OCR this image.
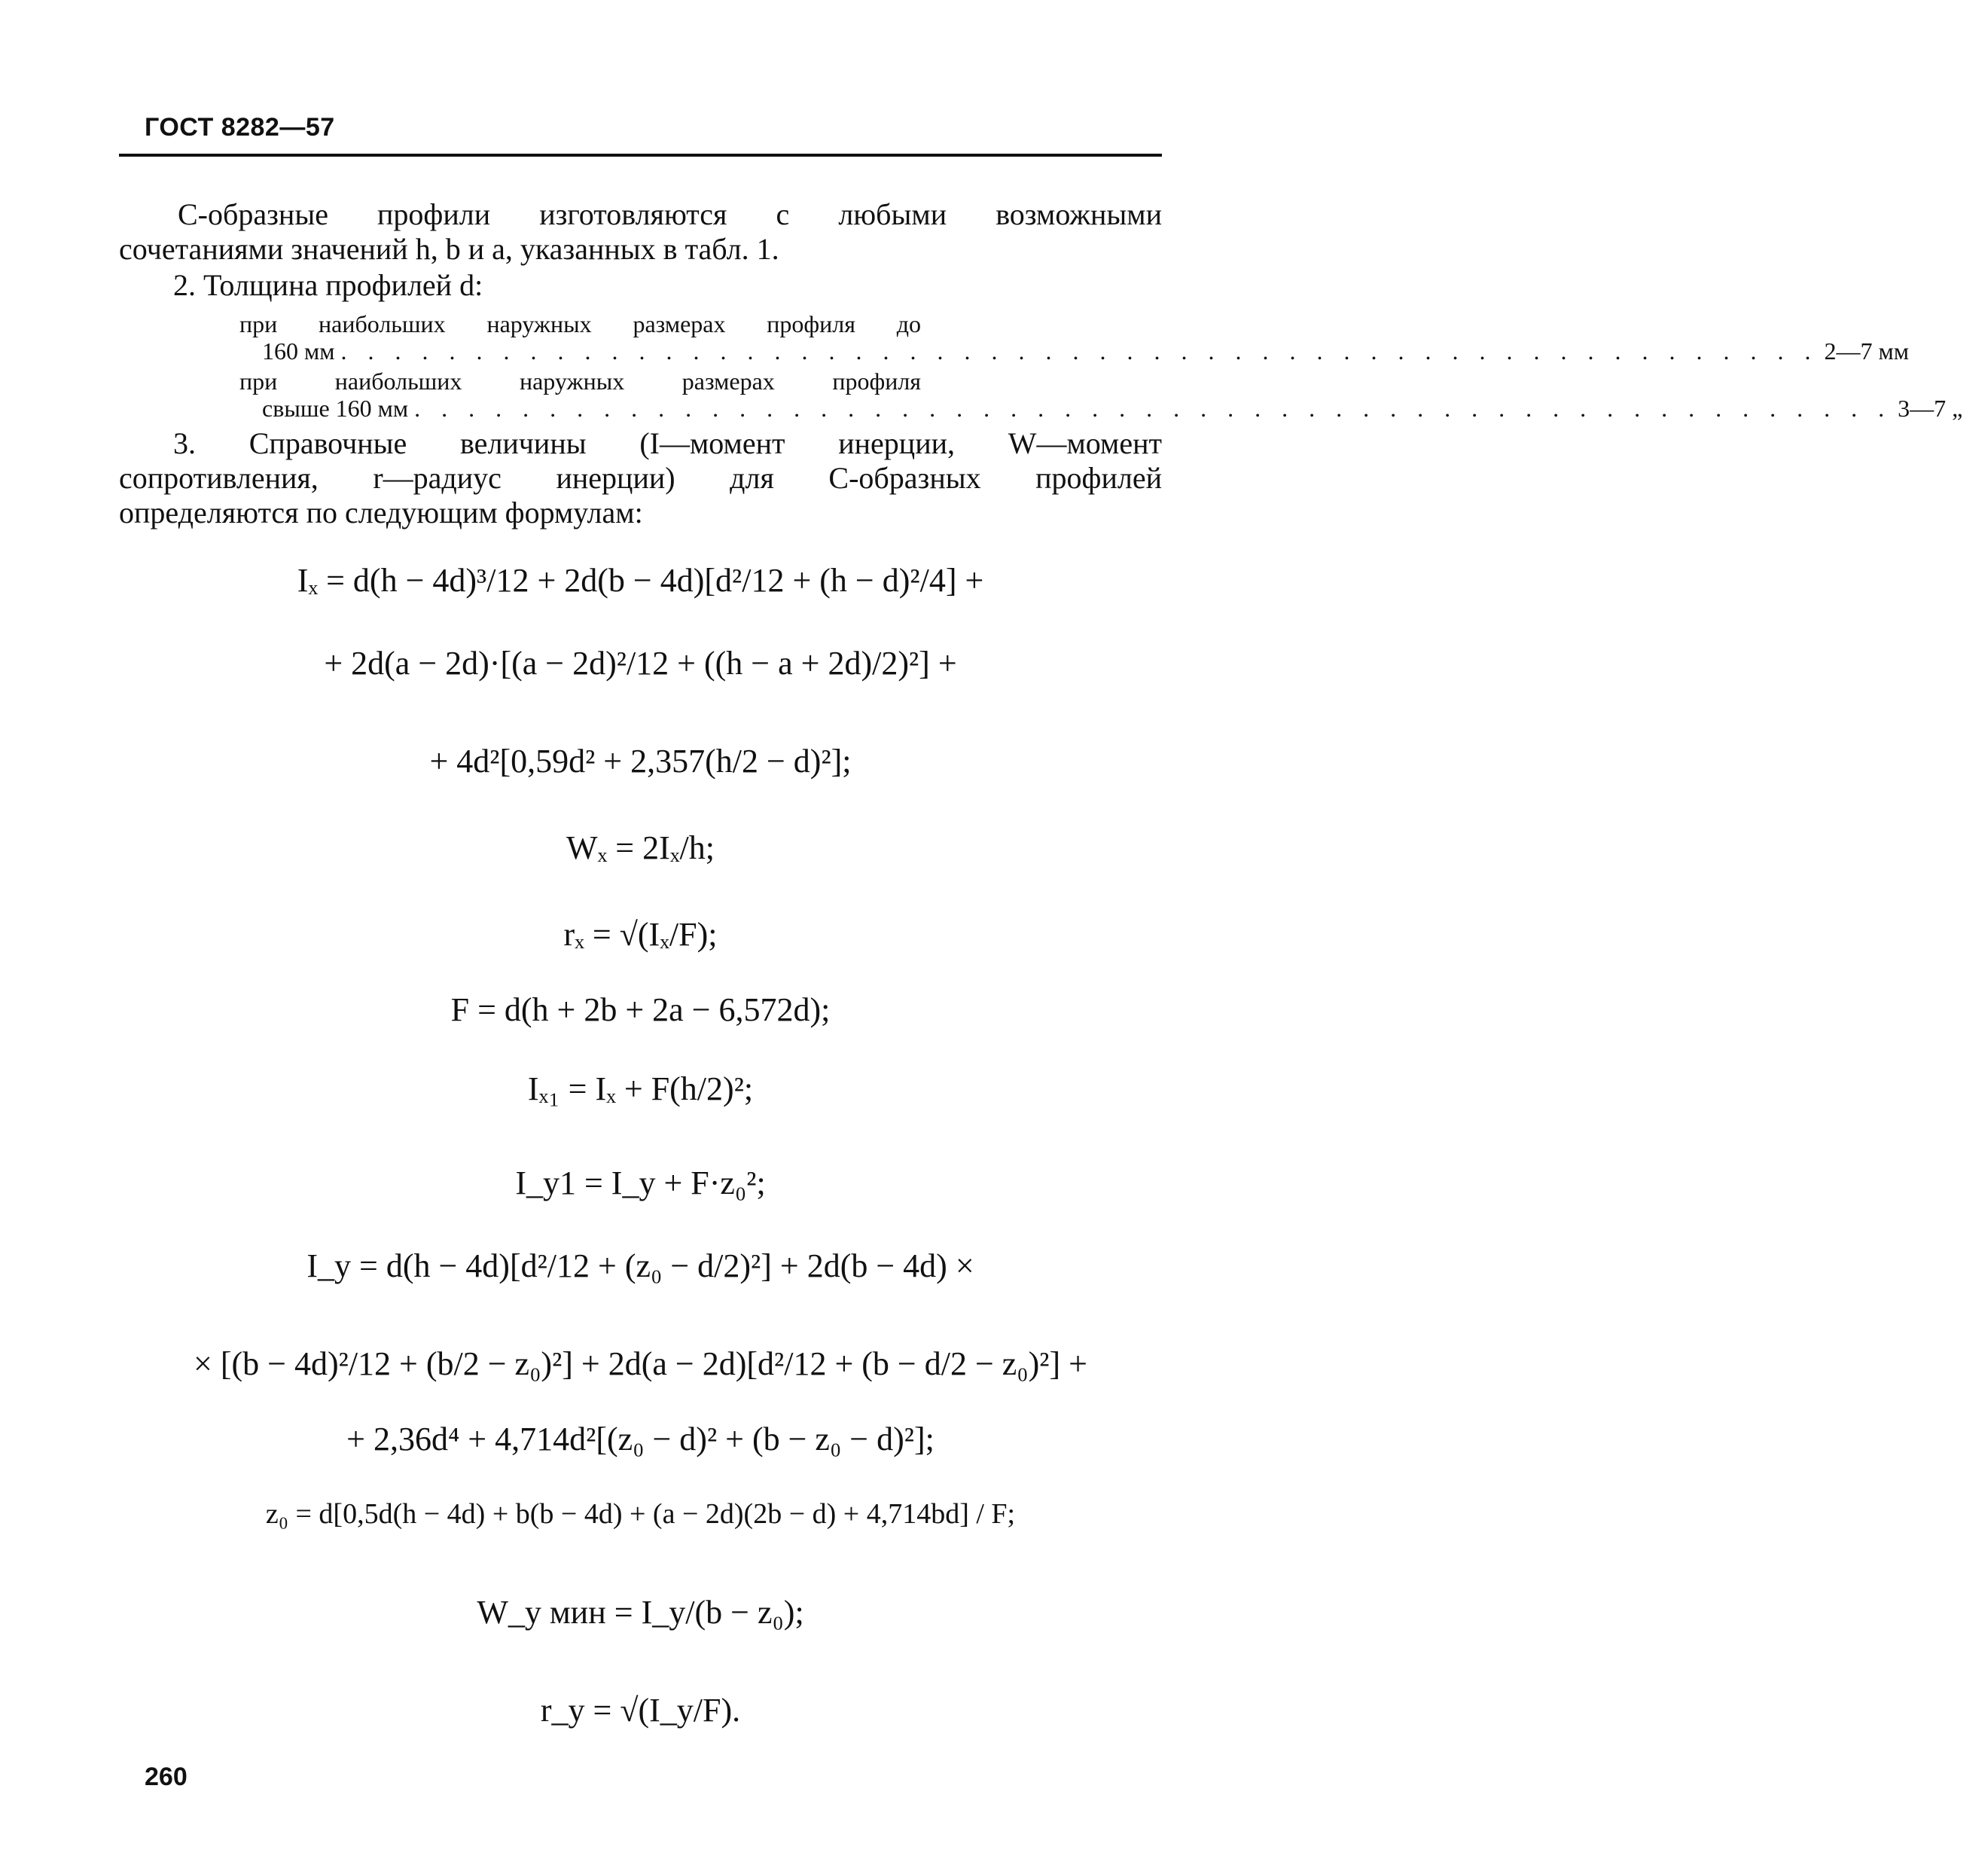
ГОСТ 8282—57

С-образные профили изготовляются с любыми возможными

сочетаниями значений h, b и a, указанных в табл. 1.

2. Толщина профилей d:

при наибольших наружных размерах профиля до
160 мм . . . . . . . . . . . . . . . . . . . . . . . . . . . . . . . . . . . . . . . . . . . . . . . . . . . . . . . 2—7 мм
при наибольших наружных размерах профиля
свыше 160 мм . . . . . . . . . . . . . . . . . . . . . . . . . . . . . . . . . . . . . . . . . . . . . . . . . . . . . . . 3—7 „

3. Справочные величины (I—момент инерции, W—момент

сопротивления, r—радиус инерции) для С-образных профилей

определяются по следующим формулам:

Iₓ = d(h − 4d)³/12 + 2d(b − 4d)[d²/12 + (h − d)²/4] +
+ 2d(a − 2d)·[(a − 2d)²/12 + ((h − a + 2d)/2)²] +
+ 4d²[0,59d² + 2,357(h/2 − d)²];
Wₓ = 2Iₓ/h;
rₓ = √(Iₓ/F);
F = d(h + 2b + 2a − 6,572d);
Iₓ₁ = Iₓ + F(h/2)²;
I_y1 = I_y + F·z₀²;
I_y = d(h − 4d)[d²/12 + (z₀ − d/2)²] + 2d(b − 4d) ×
× [(b − 4d)²/12 + (b/2 − z₀)²] + 2d(a − 2d)[d²/12 + (b − d/2 − z₀)²] +
+ 2,36d⁴ + 4,714d²[(z₀ − d)² + (b − z₀ − d)²];
z₀ = d[0,5d(h − 4d) + b(b − 4d) + (a − 2d)(2b − d) + 4,714bd] / F;
W_y мин = I_y/(b − z₀);
r_y = √(I_y/F).
260
